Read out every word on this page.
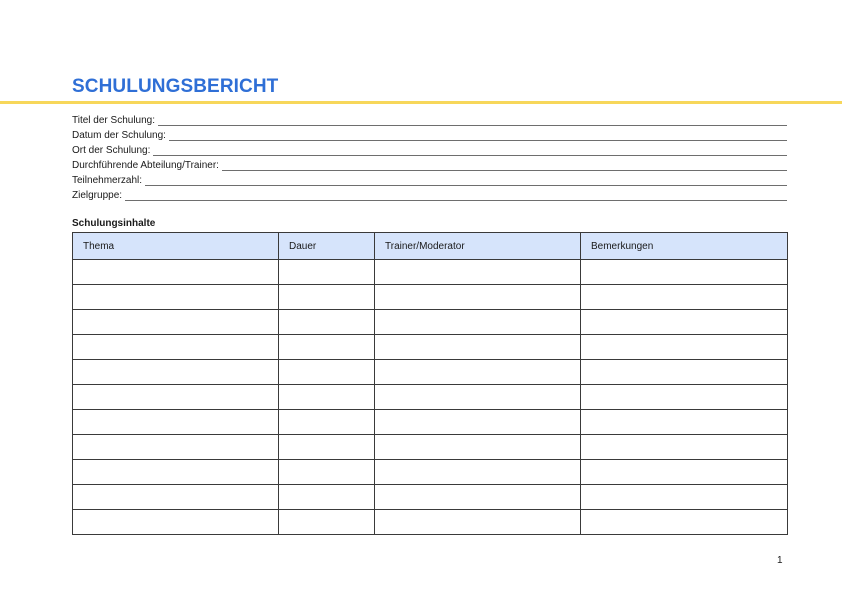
SCHULUNGSBERICHT
Titel der Schulung:
Datum der Schulung:
Ort der Schulung:
Durchführende Abteilung/Trainer:
Teilnehmerzahl:
Zielgruppe:
Schulungsinhalte
Thema	Dauer	Trainer/Moderator	Bemerkungen

1
